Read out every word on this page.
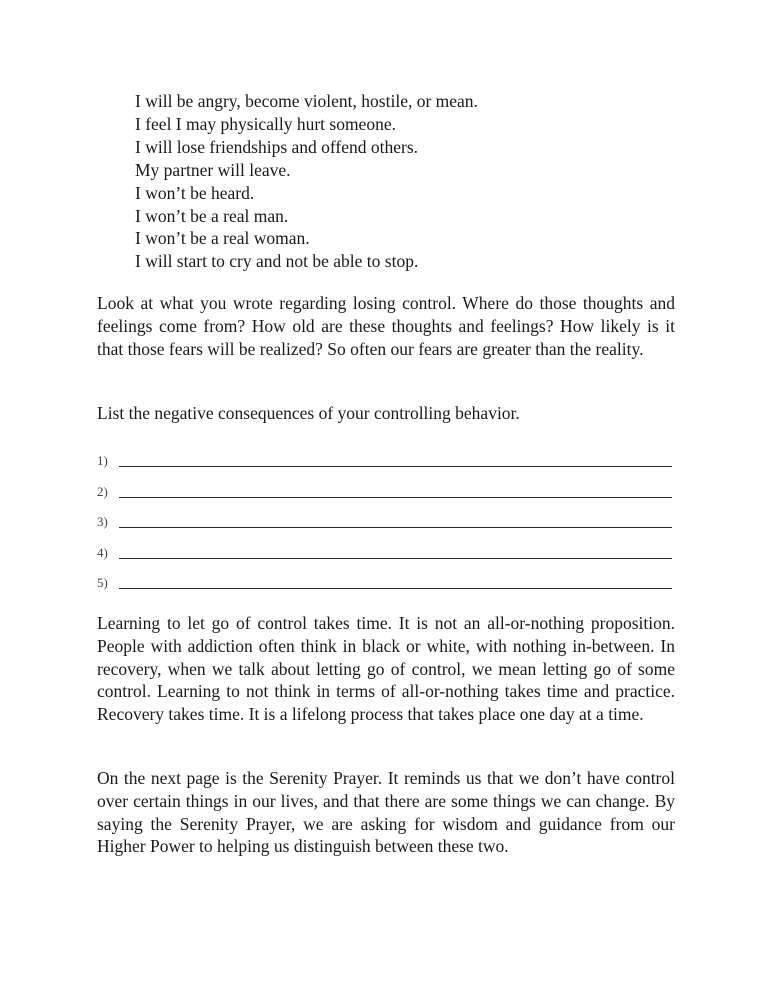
I will be angry, become violent, hostile, or mean.
I feel I may physically hurt someone.
I will lose friendships and offend others.
My partner will leave.
I won’t be heard.
I won’t be a real man.
I won’t be a real woman.
I will start to cry and not be able to stop.

Look at what you wrote regarding losing control. Where do those thoughts and feelings come from? How old are these thoughts and feelings? How likely is it that those fears will be realized? So often our fears are greater than the reality.

List the negative consequences of your controlling behavior.

1)
2)
3)
4)
5)

Learning to let go of control takes time. It is not an all-or-nothing proposition. People with addiction often think in black or white, with nothing in-between. In recovery, when we talk about letting go of control, we mean letting go of some control. Learning to not think in terms of all-or-nothing takes time and practice. Recovery takes time. It is a lifelong process that takes place one day at a time.

On the next page is the Serenity Prayer. It reminds us that we don’t have control over certain things in our lives, and that there are some things we can change. By saying the Serenity Prayer, we are asking for wisdom and guidance from our Higher Power to helping us distinguish between these two.
